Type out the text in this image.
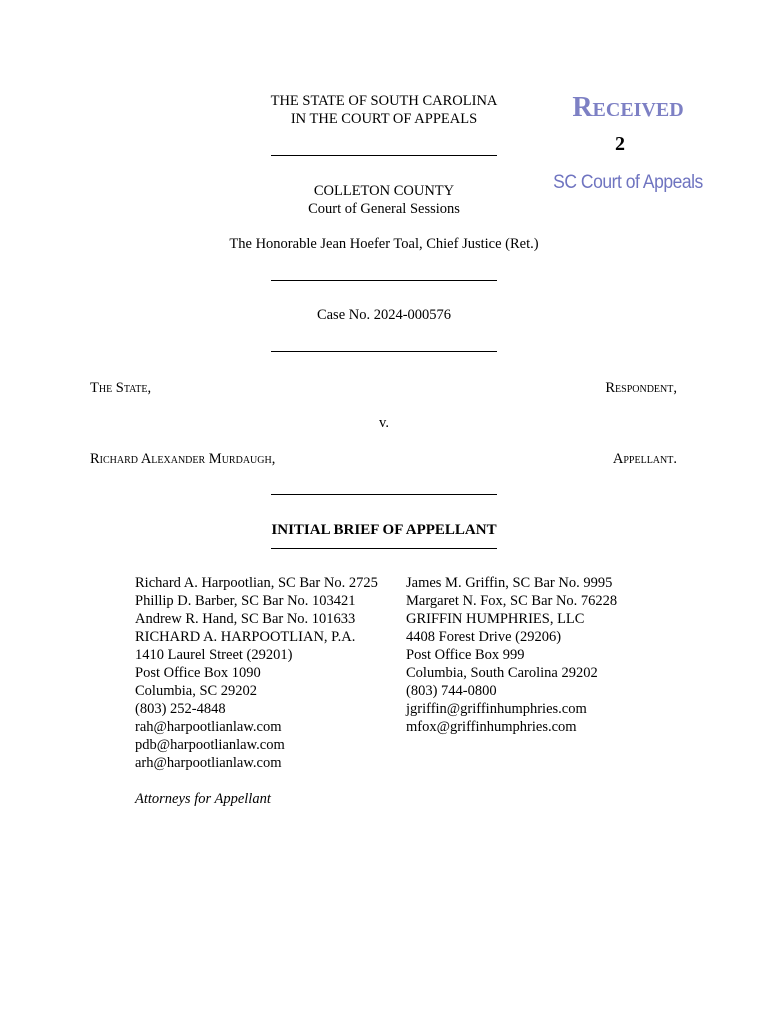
THE STATE OF SOUTH CAROLINA
IN THE COURT OF APPEALS	Received
2
SC Court of Appeals
COLLETON COUNTY
Court of General Sessions
The Honorable Jean Hoefer Toal, Chief Justice (Ret.)
Case No. 2024-000576
The State,	Respondent,
v.
Richard Alexander Murdaugh,	Appellant.
INITIAL BRIEF OF APPELLANT
Richard A. Harpootlian, SC Bar No. 2725
Phillip D. Barber, SC Bar No. 103421
Andrew R. Hand, SC Bar No. 101633
RICHARD A. HARPOOTLIAN, P.A.
1410 Laurel Street (29201)
Post Office Box 1090
Columbia, SC 29202
(803) 252-4848
rah@harpootlianlaw.com
pdb@harpootlianlaw.com
arh@harpootlianlaw.com
Attorneys for Appellant
James M. Griffin, SC Bar No. 9995
Margaret N. Fox, SC Bar No. 76228
GRIFFIN HUMPHRIES, LLC
4408 Forest Drive (29206)
Post Office Box 999
Columbia, South Carolina 29202
(803) 744-0800
jgriffin@griffinhumphries.com
mfox@griffinhumphries.com
